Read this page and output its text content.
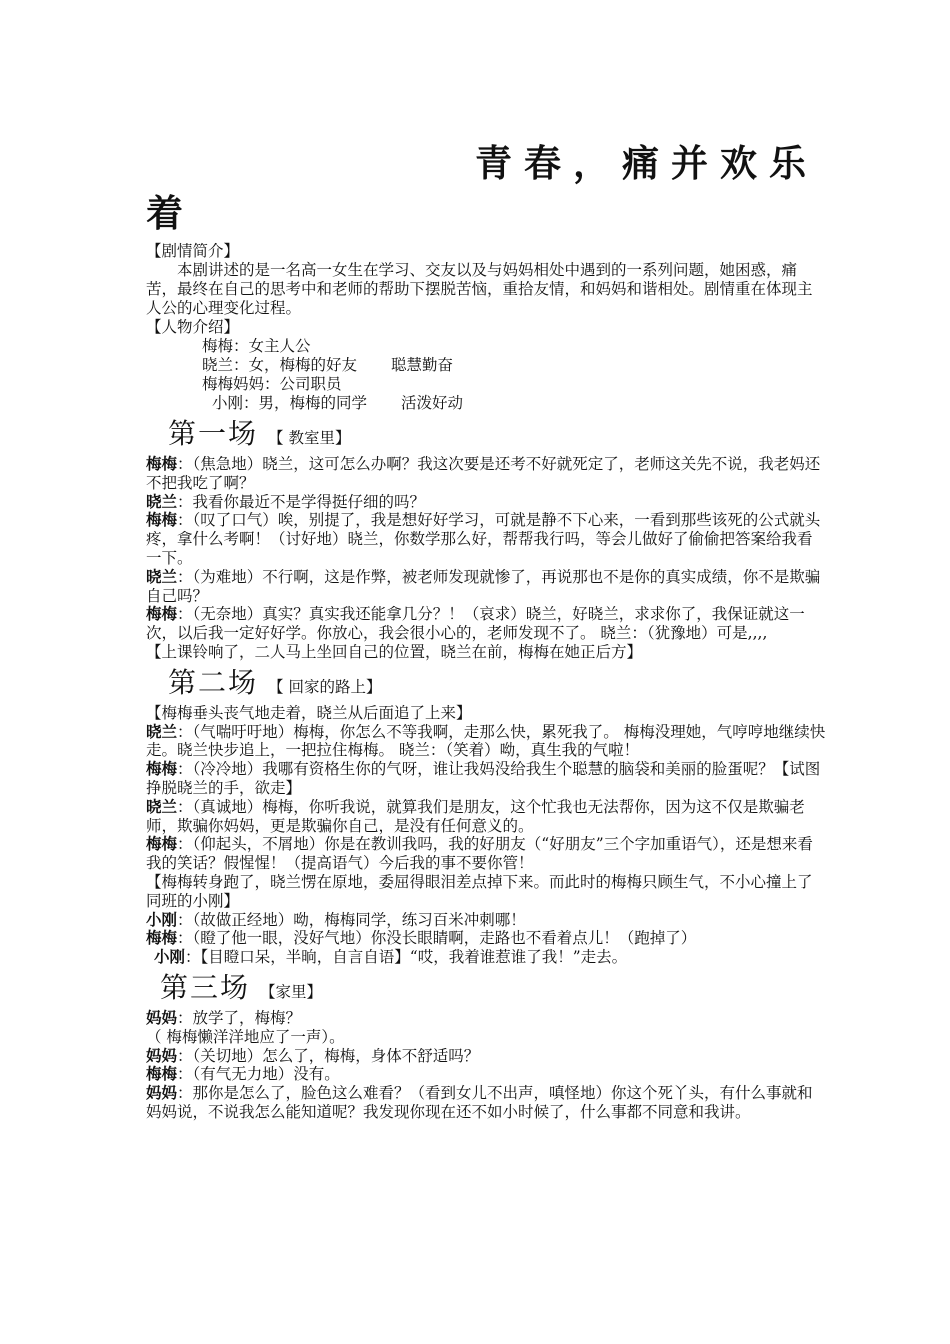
青春，痛并欢乐
着
【剧情简介】

本剧讲述的是一名高一女生在学习、交友以及与妈妈相处中遇到的一系列问题，她困惑，痛苦，最终在自己的思考中和老师的帮助下摆脱苦恼，重拾友情，和妈妈和谐相处。剧情重在体现主人公的心理变化过程。

【人物介绍】
梅梅：女主人公
晓兰：女，梅梅的好友 聪慧勤奋
梅梅妈妈：公司职员
小刚：男，梅梅的同学 活泼好动
第一场 【 教室里】

梅梅：（焦急地）晓兰，这可怎么办啊？我这次要是还考不好就死定了，老师这关先不说，我老妈还不把我吃了啊？

晓兰：我看你最近不是学得挺仔细的吗？

梅梅：（叹了口气）唉，别提了，我是想好好学习，可就是静不下心来，一看到那些该死的公式就头疼，拿什么考啊！（讨好地）晓兰，你数学那么好，帮帮我行吗，等会儿做好了偷偷把答案给我看一下。

晓兰：（为难地）不行啊，这是作弊，被老师发现就惨了，再说那也不是你的真实成绩，你不是欺骗自己吗？

梅梅：（无奈地）真实？真实我还能拿几分？！（哀求）晓兰，好晓兰，求求你了，我保证就这一次，以后我一定好好学。你放心，我会很小心的，老师发现不了。 晓兰：（犹豫地）可是,,,,

【上课铃响了，二人马上坐回自己的位置，晓兰在前，梅梅在她正后方】

第二场 【 回家的路上】

【梅梅垂头丧气地走着，晓兰从后面追了上来】

晓兰：（气喘吁吁地）梅梅，你怎么不等我啊，走那么快，累死我了。 梅梅没理她，气哼哼地继续快走。晓兰快步追上，一把拉住梅梅。 晓兰：（笑着）呦，真生我的气啦！

梅梅：（冷冷地）我哪有资格生你的气呀，谁让我妈没给我生个聪慧的脑袋和美丽的脸蛋呢？【试图挣脱晓兰的手，欲走】

晓兰：（真诚地）梅梅，你听我说，就算我们是朋友，这个忙我也无法帮你，因为这不仅是欺骗老师，欺骗你妈妈，更是欺骗你自己，是没有任何意义的。

梅梅：（仰起头，不屑地）你是在教训我吗，我的好朋友（“好朋友”三个字加重语气），还是想来看我的笑话？假惺惺！（提高语气）今后我的事不要你管！

【梅梅转身跑了，晓兰愣在原地，委屈得眼泪差点掉下来。而此时的梅梅只顾生气，不小心撞上了同班的小刚】

小刚：（故做正经地）呦，梅梅同学，练习百米冲刺哪！

梅梅：（瞪了他一眼，没好气地）你没长眼睛啊，走路也不看着点儿！（跑掉了）

小刚：【目瞪口呆，半晌，自言自语】“哎，我着谁惹谁了我！”走去。

第三场 【家里】

妈妈：放学了，梅梅？

（ 梅梅懒洋洋地应了一声）。

妈妈：（关切地）怎么了，梅梅，身体不舒适吗？

梅梅：（有气无力地）没有。

妈妈：那你是怎么了，脸色这么难看？（看到女儿不出声，嗔怪地）你这个死丫头，有什么事就和妈妈说，不说我怎么能知道呢？我发现你现在还不如小时候了，什么事都不同意和我讲。
